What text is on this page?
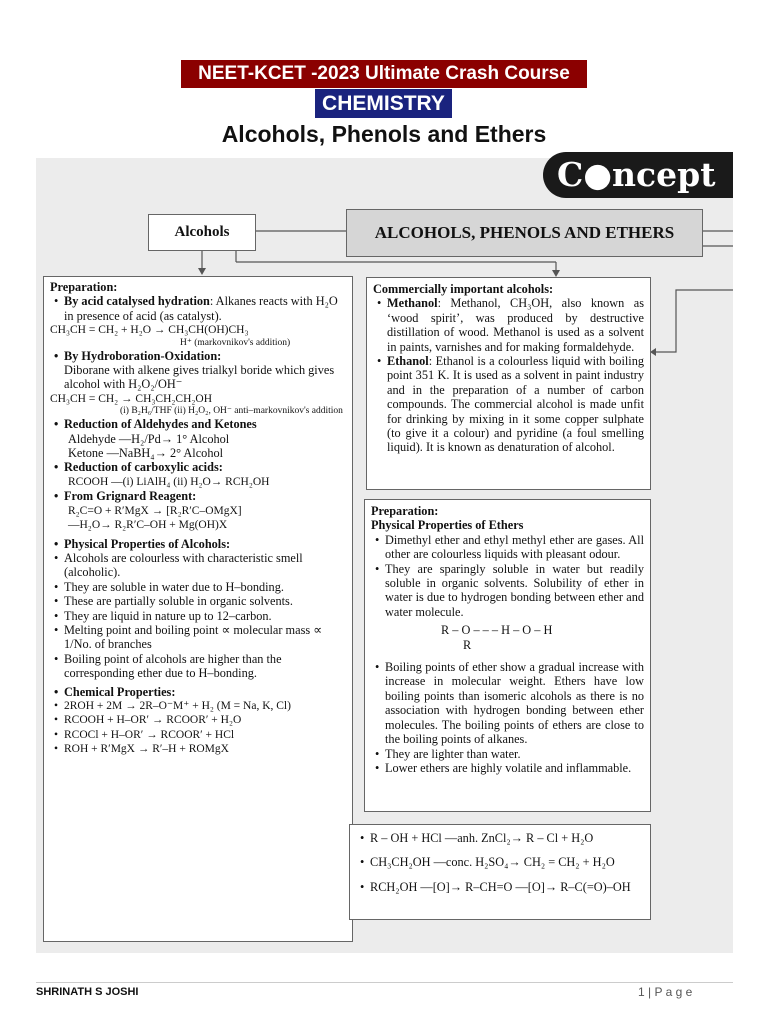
NEET-KCET -2023 Ultimate Crash Course
CHEMISTRY
Alcohols, Phenols and Ethers
C●ncept
Alcohols	ALCOHOLS, PHENOLS AND ETHERS

Preparation:

• By acid catalysed hydration: Alkanes reacts with H₂O in presence of acid (as catalyst).

CH₃CH = CH₂ + H₂O → CH₃CH(OH)CH₃

H⁺ (markovnikov's addition)

• By Hydroboration-Oxidation:

Diborane with alkene gives trialkyl boride which gives alcohol with H₂O₂/OH⁻

CH₃CH = CH₂ → CH₃CH₂CH₂OH

(i) B₂H₆/THF (ii) H₂O₂, OH⁻ anti–markovnikov's addition

• Reduction of Aldehydes and Ketones

Aldehyde —H₂/Pd→ 1° Alcohol

Ketone —NaBH₄→ 2° Alcohol

• Reduction of carboxylic acids:

RCOOH —(i) LiAlH₄ (ii) H₂O→ RCH₂OH

• From Grignard Reagent:

R₂C=O + R′MgX → [R₂R′C–OMgX]

—H₂O→ R₂R′C–OH + Mg(OH)X

• Physical Properties of Alcohols:

• Alcohols are colourless with characteristic smell (alcoholic).

• They are soluble in water due to H–bonding.

• These are partially soluble in organic solvents.

• They are liquid in nature up to 12–carbon.

• Melting point and boiling point ∝ molecular mass ∝ 1/No. of branches

• Boiling point of alcohols are higher than the corresponding ether due to H–bonding.

• Chemical Properties:

• 2ROH + 2M → 2R–O⁻M⁺ + H₂ (M = Na, K, Cl)

• RCOOH + H–OR′ → RCOOR′ + H₂O

• RCOCl + H–OR′ → RCOOR′ + HCl

• ROH + R′MgX → R′–H + ROMgX

Commercially important alcohols:

• Methanol: Methanol, CH₃OH, also known as ‘wood spirit’, was produced by destructive distillation of wood. Methanol is used as a solvent in paints, varnishes and for making formaldehyde.

• Ethanol: Ethanol is a colourless liquid with boiling point 351 K. It is used as a solvent in paint industry and in the preparation of a number of carbon compounds. The commercial alcohol is made unfit for drinking by mixing in it some copper sulphate (to give it a colour) and pyridine (a foul smelling liquid). It is known as denaturation of alcohol.

Preparation:

Physical Properties of Ethers

• Dimethyl ether and ethyl methyl ether are gases. All other are colourless liquids with pleasant odour.

• They are sparingly soluble in water but readily soluble in organic solvents. Solubility of ether in water is due to hydrogen bonding between ether and water molecule.

R – O – – – H – O – H

R

• Boiling points of ether show a gradual increase with increase in molecular weight. Ethers have low boiling points than isomeric alcohols as there is no association with hydrogen bonding between ether molecules. The boiling points of ethers are close to the boiling points of alkanes.

• They are lighter than water.

• Lower ethers are highly volatile and inflammable.

• R – OH + HCl —anh. ZnCl₂→ R – Cl + H₂O

• CH₃CH₂OH —conc. H₂SO₄→ CH₂ = CH₂ + H₂O

• RCH₂OH —[O]→ R–CH=O —[O]→ R–C(=O)–OH

SHRINATH S JOSHI	1 | P a g e
